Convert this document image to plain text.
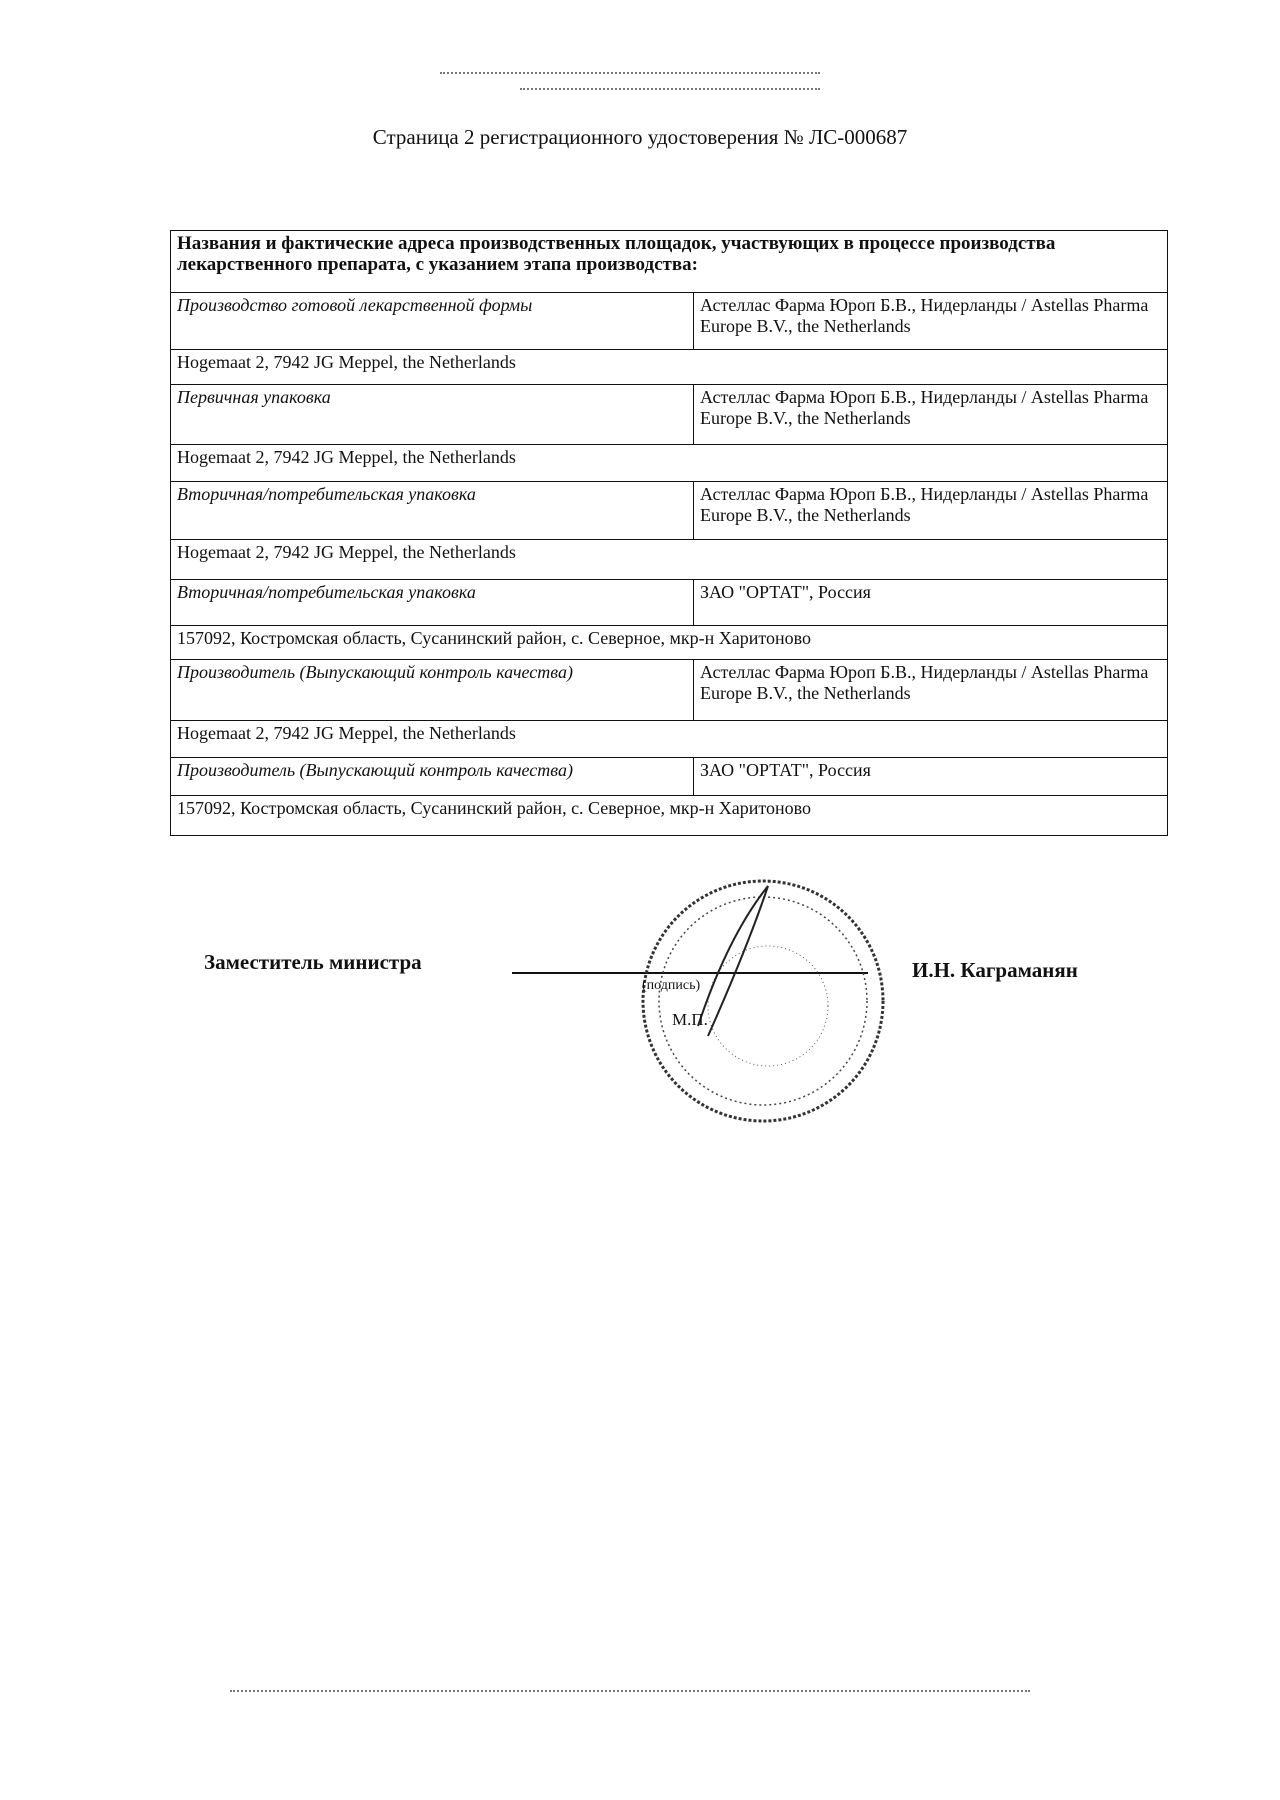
Страница 2 регистрационного удостоверения № ЛС-000687
Названия и фактические адреса производственных площадок, участвующих в процессе производства лекарственного препарата, с указанием этапа производства:	
Производство готовой лекарственной формы	Астеллас Фарма Юроп Б.В., Нидерланды / Astellas Pharma Europe B.V., the Netherlands
Hogemaat 2, 7942 JG Meppel, the Netherlands	
Первичная упаковка	Астеллас Фарма Юроп Б.В., Нидерланды / Astellas Pharma Europe B.V., the Netherlands
Hogemaat 2, 7942 JG Meppel, the Netherlands	
Вторичная/потребительская упаковка	Астеллас Фарма Юроп Б.В., Нидерланды / Astellas Pharma Europe B.V., the Netherlands
Hogemaat 2, 7942 JG Meppel, the Netherlands	
Вторичная/потребительская упаковка	ЗАО "ОРТАТ", Россия
157092, Костромская область, Сусанинский район, с. Северное, мкр-н Харитоново	
Производитель (Выпускающий контроль качества)	Астеллас Фарма Юроп Б.В., Нидерланды / Astellas Pharma Europe B.V., the Netherlands
Hogemaat 2, 7942 JG Meppel, the Netherlands	
Производитель (Выпускающий контроль качества)	ЗАО "ОРТАТ", Россия
157092, Костромская область, Сусанинский район, с. Северное, мкр-н Харитоново	
Заместитель министра
(подпись)
М.П.
И.Н. Каграманян
